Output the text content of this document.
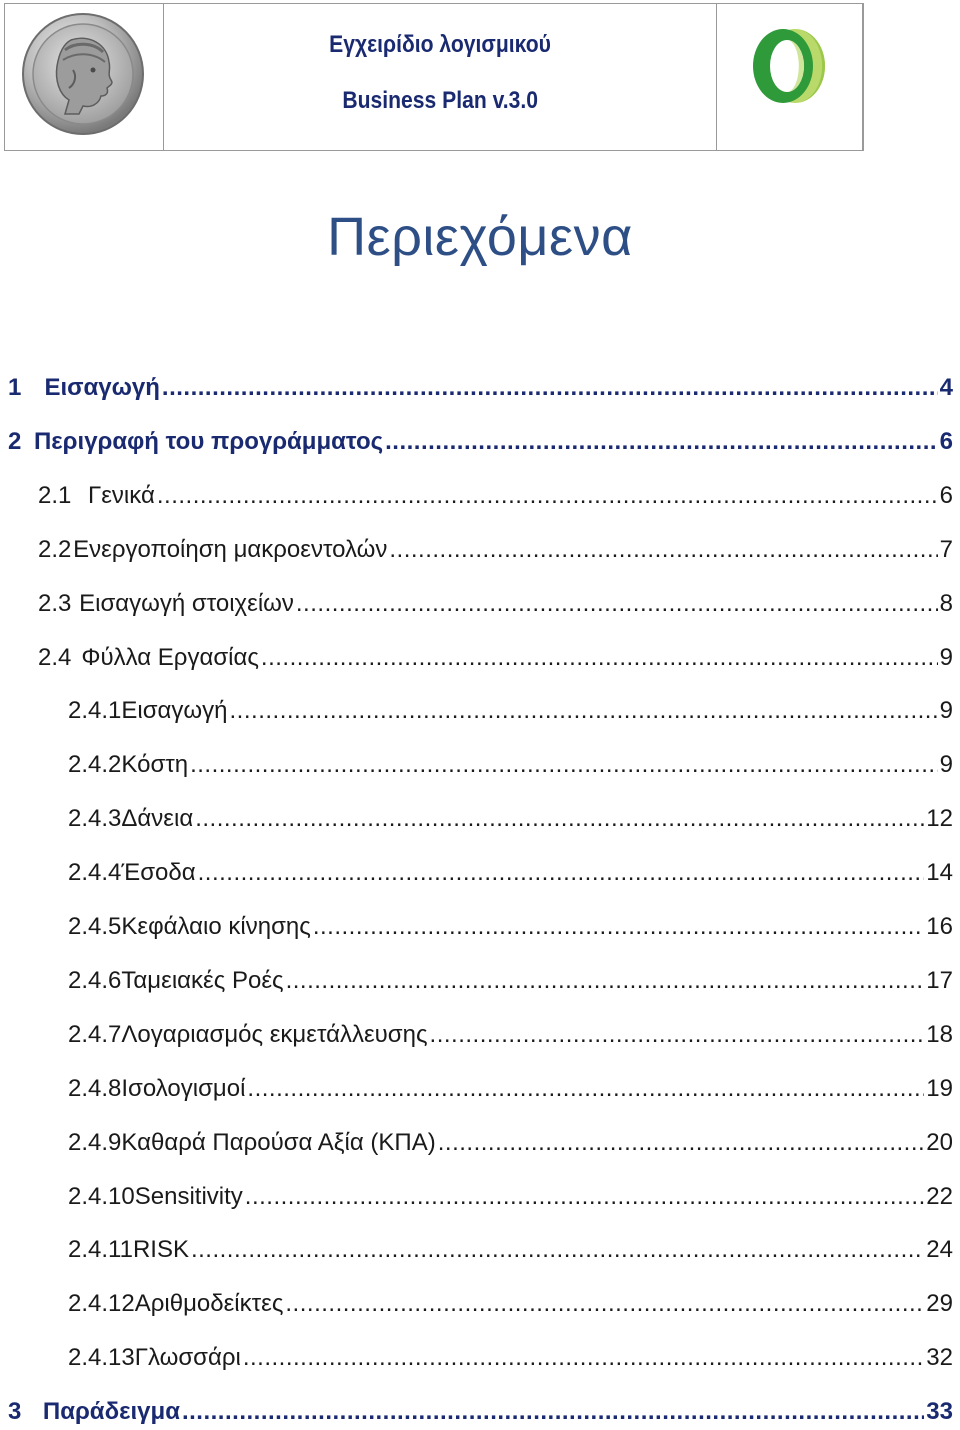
Εγχειρίδιο λογισμικού
Business Plan v.3.0
Περιεχόμενα
1 Εισαγωγή .....	4
2 Περιγραφή του προγράμματος .....	6
2.1 Γενικά .....	6
2.2 Ενεργοποίηση μακροεντολών .....	7
2.3 Εισαγωγή στοιχείων .....	8
2.4 Φύλλα Εργασίας .....	9
2.4.1 Εισαγωγή .....	9
2.4.2 Κόστη .....	9
2.4.3 Δάνεια .....	12
2.4.4 Έσοδα .....	14
2.4.5 Κεφάλαιο κίνησης .....	16
2.4.6 Ταμειακές Ροές .....	17
2.4.7 Λογαριασμός εκμετάλλευσης .....	18
2.4.8 Ισολογισμοί .....	19
2.4.9 Καθαρά Παρούσα Αξία (ΚΠΑ) .....	20
2.4.10 Sensitivity .....	22
2.4.11 RISK .....	24
2.4.12 Αριθμοδείκτες .....	29
2.4.13 Γλωσσάρι .....	32
3 Παράδειγμα .....	33
